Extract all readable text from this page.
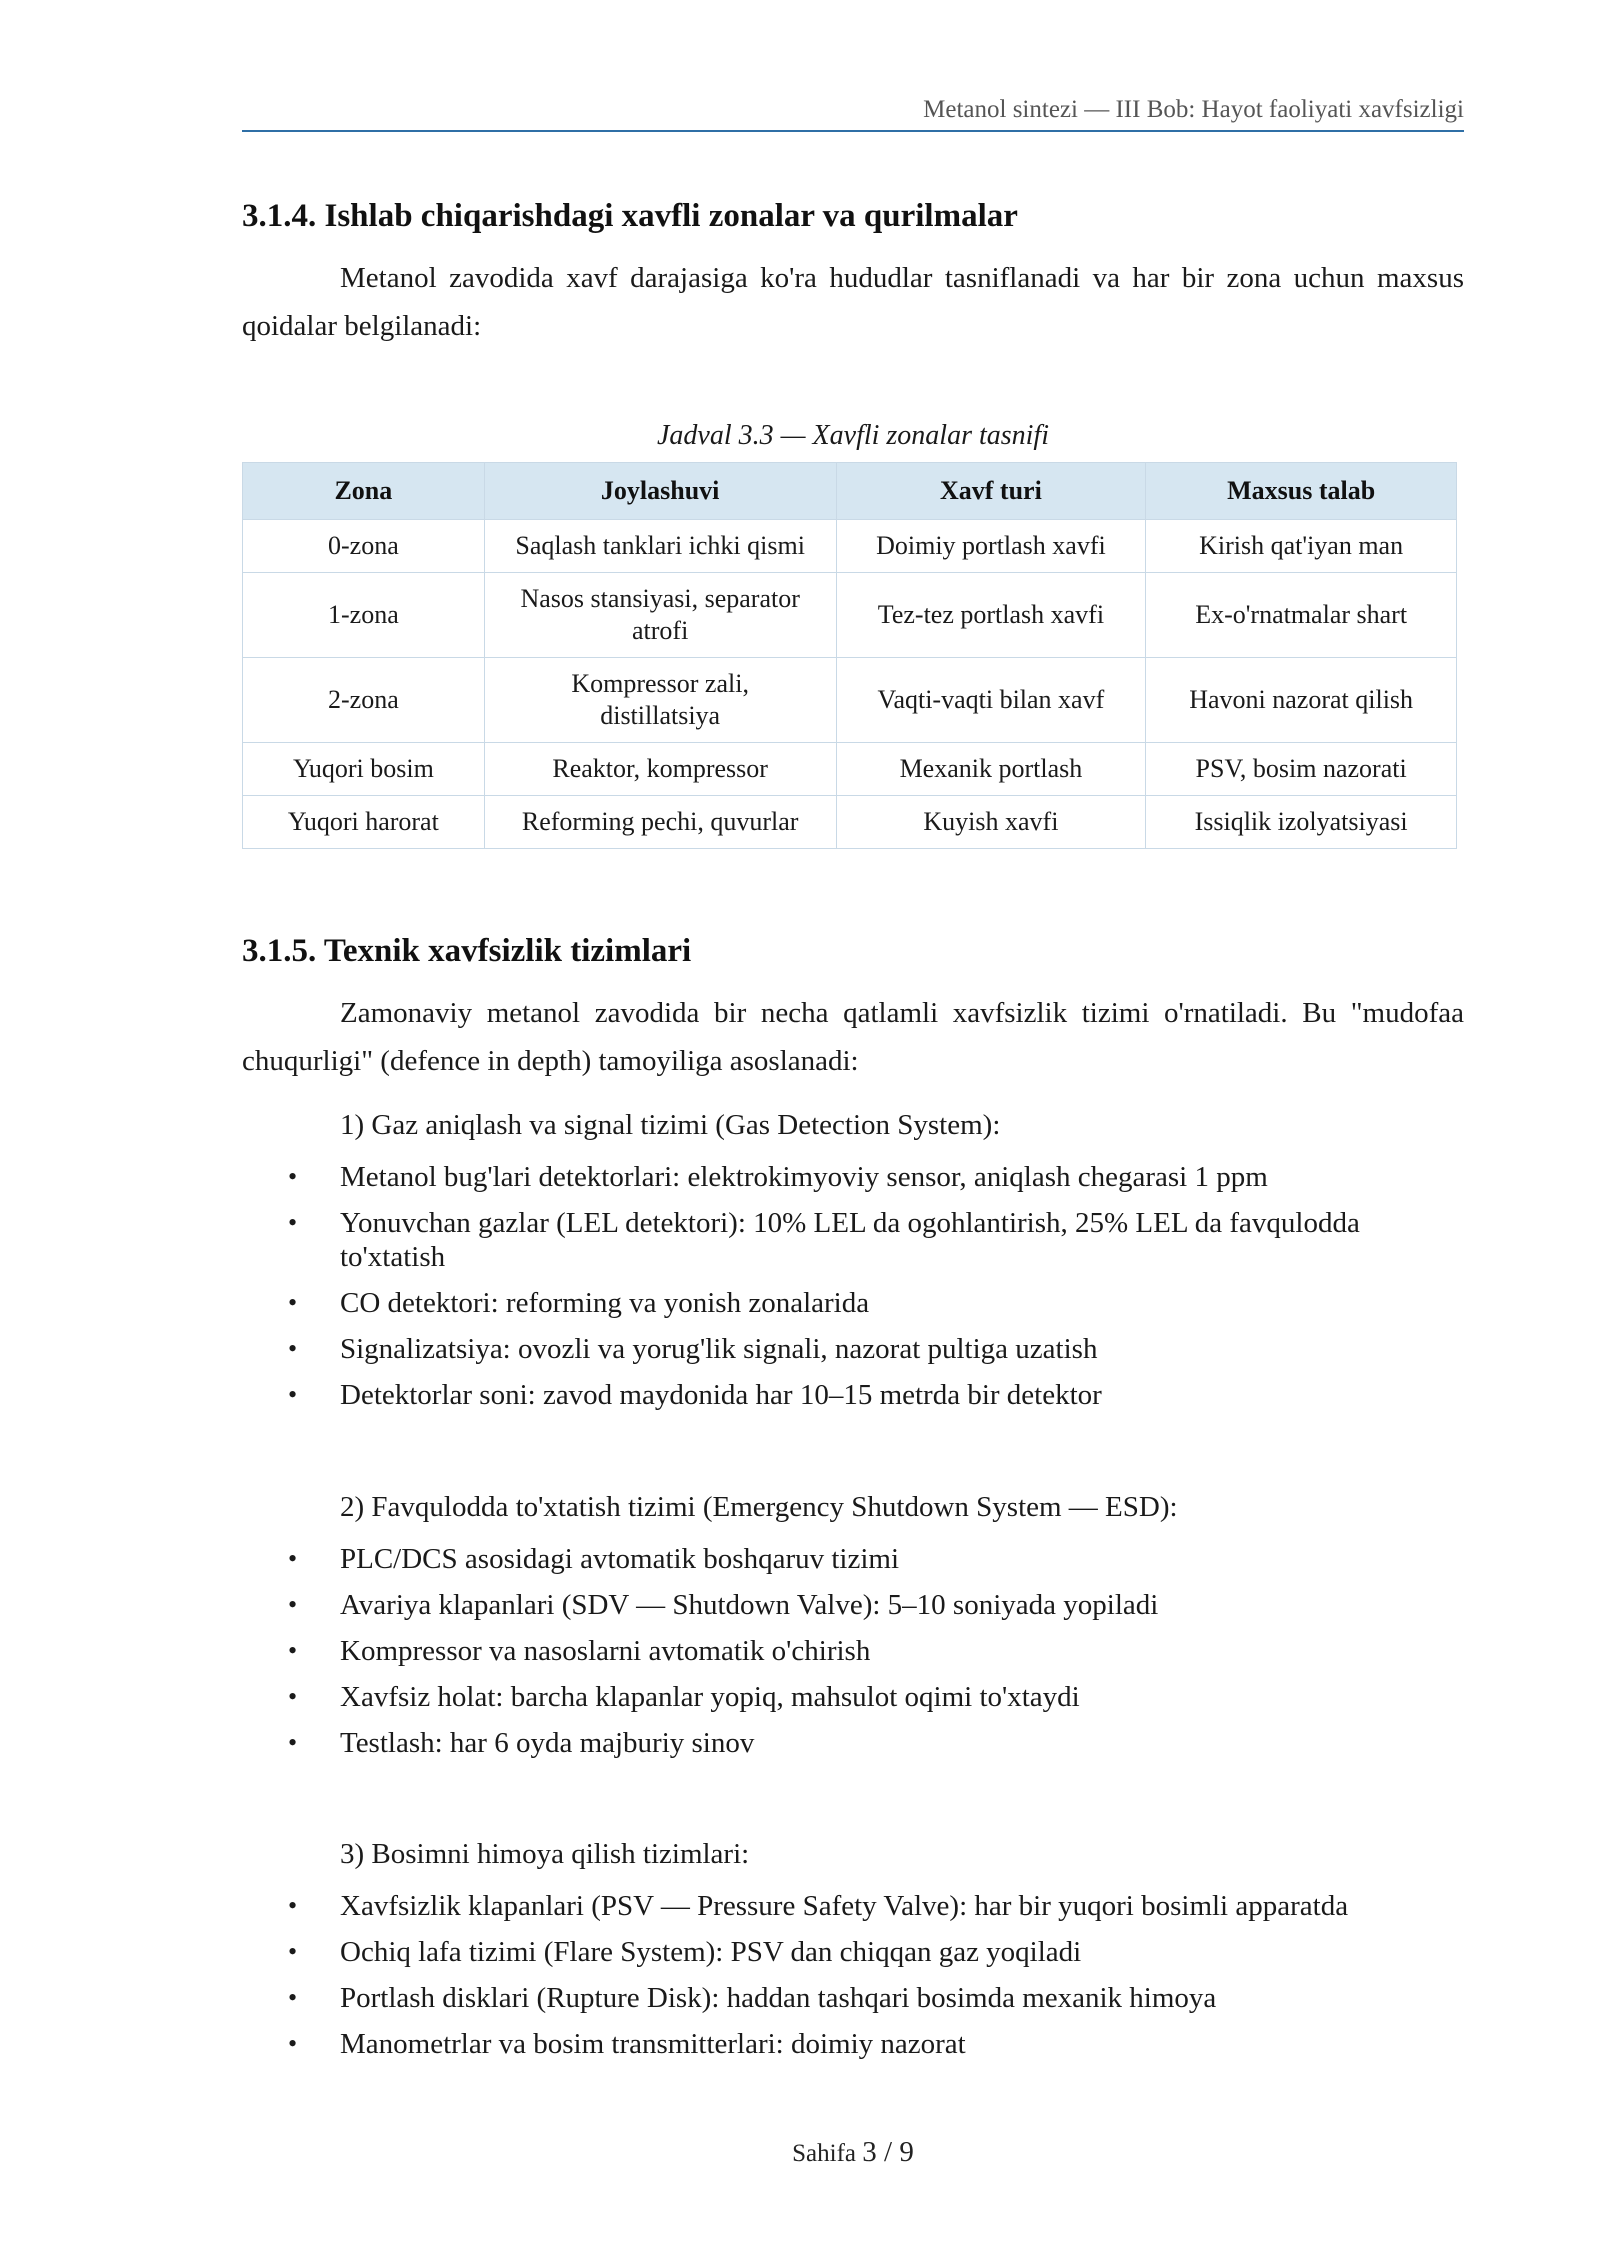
Metanol sintezi — III Bob: Hayot faoliyati xavfsizligi
3.1.4. Ishlab chiqarishdagi xavfli zonalar va qurilmalar

Metanol zavodida xavf darajasiga ko'ra hududlar tasniflanadi va har bir zona uchun maxsus qoidalar belgilanadi:

Jadval 3.3 — Xavfli zonalar tasnifi
Zona	Joylashuvi	Xavf turi	Maxsus talab
0-zona	Saqlash tanklari ichki qismi	Doimiy portlash xavfi	Kirish qat'iyan man
1-zona	Nasos stansiyasi, separator atrofi	Tez-tez portlash xavfi	Ex-o'rnatmalar shart
2-zona	Kompressor zali, distillatsiya	Vaqti-vaqti bilan xavf	Havoni nazorat qilish
Yuqori bosim	Reaktor, kompressor	Mexanik portlash	PSV, bosim nazorati
Yuqori harorat	Reforming pechi, quvurlar	Kuyish xavfi	Issiqlik izolyatsiyasi
3.1.5. Texnik xavfsizlik tizimlari

Zamonaviy metanol zavodida bir necha qatlamli xavfsizlik tizimi o'rnatiladi. Bu "mudofaa chuqurligi" (defence in depth) tamoyiliga asoslanadi:

1) Gaz aniqlash va signal tizimi (Gas Detection System):

• Metanol bug'lari detektorlari: elektrokimyoviy sensor, aniqlash chegarasi 1 ppm
• Yonuvchan gazlar (LEL detektori): 10% LEL da ogohlantirish, 25% LEL da favqulodda to'xtatish
• CO detektori: reforming va yonish zonalarida
• Signalizatsiya: ovozli va yorug'lik signali, nazorat pultiga uzatish
• Detektorlar soni: zavod maydonida har 10–15 metrda bir detektor

2) Favqulodda to'xtatish tizimi (Emergency Shutdown System — ESD):

• PLC/DCS asosidagi avtomatik boshqaruv tizimi
• Avariya klapanlari (SDV — Shutdown Valve): 5–10 soniyada yopiladi
• Kompressor va nasoslarni avtomatik o'chirish
• Xavfsiz holat: barcha klapanlar yopiq, mahsulot oqimi to'xtaydi
• Testlash: har 6 oyda majburiy sinov

3) Bosimni himoya qilish tizimlari:

• Xavfsizlik klapanlari (PSV — Pressure Safety Valve): har bir yuqori bosimli apparatda
• Ochiq lafa tizimi (Flare System): PSV dan chiqqan gaz yoqiladi
• Portlash disklari (Rupture Disk): haddan tashqari bosimda mexanik himoya
• Manometrlar va bosim transmitterlari: doimiy nazorat
Sahifa 3 / 9
